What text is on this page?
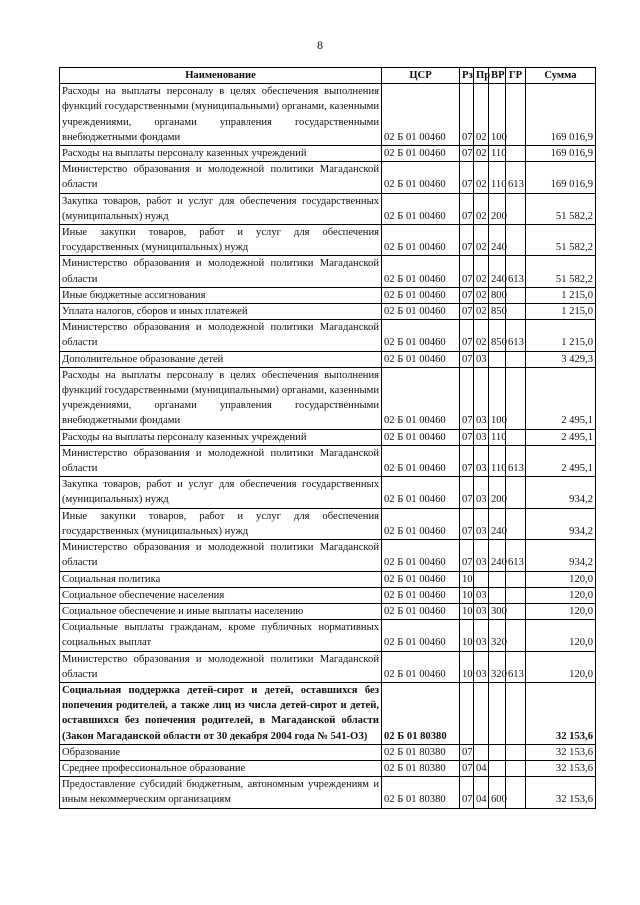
8
Наименование	ЦСР	Рз	Пр	ВР	ГР	Сумма
Расходы на выплаты персоналу в целях обеспечения выполнения функций государственными (муниципальными) органами, казенными учреждениями, органами управления государственными внебюджетными фондами	02 Б 01 00460	07	02	100		169 016,9
Расходы на выплаты персоналу казенных учреждений	02 Б 01 00460	07	02	110		169 016,9
Министерство образования и молодежной политики Магаданской области	02 Б 01 00460	07	02	110	613	169 016,9
Закупка товаров, работ и услуг для обеспечения государственных (муниципальных) нужд	02 Б 01 00460	07	02	200		51 582,2
Иные закупки товаров, работ и услуг для обеспечения государственных (муниципальных) нужд	02 Б 01 00460	07	02	240		51 582,2
Министерство образования и молодежной политики Магаданской области	02 Б 01 00460	07	02	240	613	51 582,2
Иные бюджетные ассигнования	02 Б 01 00460	07	02	800		1 215,0
Уплата налогов, сборов и иных платежей	02 Б 01 00460	07	02	850		1 215,0
Министерство образования и молодежной политики Магаданской области	02 Б 01 00460	07	02	850	613	1 215,0
Дополнительное образование детей	02 Б 01 00460	07	03			3 429,3
Расходы на выплаты персоналу в целях обеспечения выполнения функций государственными (муниципальными) органами, казенными учреждениями, органами управления государственными внебюджетными фондами	02 Б 01 00460	07	03	100		2 495,1
Расходы на выплаты персоналу казенных учреждений	02 Б 01 00460	07	03	110		2 495,1
Министерство образования и молодежной политики Магаданской области	02 Б 01 00460	07	03	110	613	2 495,1
Закупка товаров, работ и услуг для обеспечения государственных (муниципальных) нужд	02 Б 01 00460	07	03	200		934,2
Иные закупки товаров, работ и услуг для обеспечения государственных (муниципальных) нужд	02 Б 01 00460	07	03	240		934,2
Министерство образования и молодежной политики Магаданской области	02 Б 01 00460	07	03	240	613	934,2
Социальная политика	02 Б 01 00460	10				120,0
Социальное обеспечение населения	02 Б 01 00460	10	03			120,0
Социальное обеспечение и иные выплаты населению	02 Б 01 00460	10	03	300		120,0
Социальные выплаты гражданам, кроме публичных нормативных социальных выплат	02 Б 01 00460	10	03	320		120,0
Министерство образования и молодежной политики Магаданской области	02 Б 01 00460	10	03	320	613	120,0
Социальная поддержка детей-сирот и детей, оставшихся без попечения родителей, а также лиц из числа детей-сирот и детей, оставшихся без попечения родителей, в Магаданской области (Закон Магаданской области от 30 декабря 2004 года № 541-ОЗ)	02 Б 01 80380					32 153,6
Образование	02 Б 01 80380	07				32 153,6
Среднее профессиональное образование	02 Б 01 80380	07	04			32 153,6
Предоставление субсидий бюджетным, автономным учреждениям и иным некоммерческим организациям	02 Б 01 80380	07	04	600		32 153,6
